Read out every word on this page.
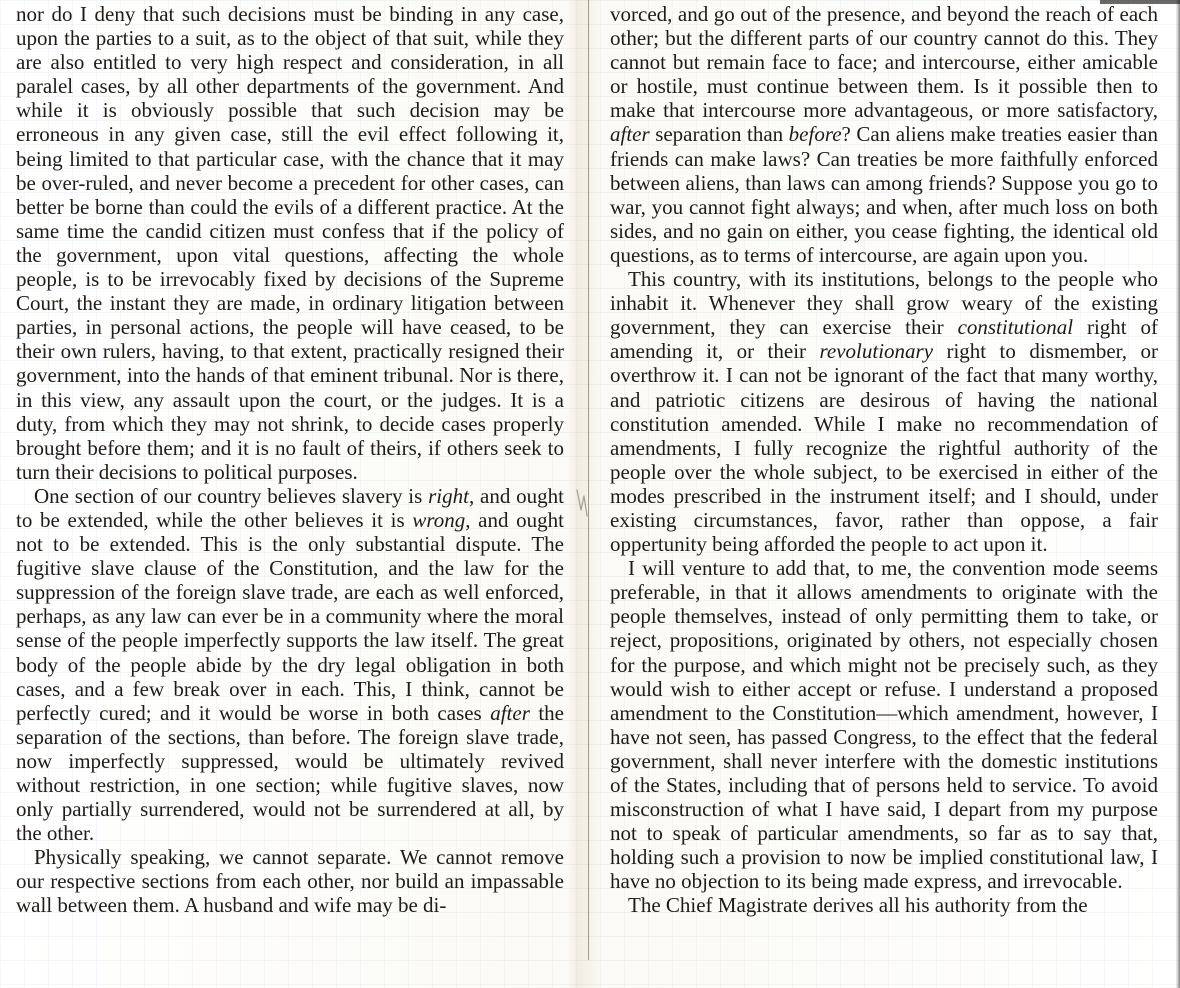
nor do I deny that such decisions must be binding in any case, upon the parties to a suit, as to the object of that suit, while they are also entitled to very high respect and consideration, in all paralel cases, by all other departments of the government. And while it is obviously possible that such decision may be erroneous in any given case, still the evil effect following it, being limited to that particular case, with the chance that it may be over-ruled, and never become a precedent for other cases, can better be borne than could the evils of a different practice. At the same time the candid citizen must confess that if the policy of the government, upon vital questions, affecting the whole people, is to be irrevocably fixed by decisions of the Supreme Court, the instant they are made, in ordinary litigation between parties, in personal actions, the people will have ceased, to be their own rulers, having, to that extent, practically resigned their government, into the hands of that eminent tribunal. Nor is there, in this view, any assault upon the court, or the judges. It is a duty, from which they may not shrink, to decide cases properly brought before them; and it is no fault of theirs, if others seek to turn their decisions to political purposes.

One section of our country believes slavery is right, and ought to be extended, while the other believes it is wrong, and ought not to be extended. This is the only substantial dispute. The fugitive slave clause of the Constitution, and the law for the suppression of the foreign slave trade, are each as well enforced, perhaps, as any law can ever be in a community where the moral sense of the people imperfectly supports the law itself. The great body of the people abide by the dry legal obligation in both cases, and a few break over in each. This, I think, cannot be perfectly cured; and it would be worse in both cases after the separation of the sections, than before. The foreign slave trade, now imperfectly suppressed, would be ultimately revived without restriction, in one section; while fugitive slaves, now only partially surrendered, would not be surrendered at all, by the other.

Physically speaking, we cannot separate. We cannot remove our respective sections from each other, nor build an impassable wall between them. A husband and wife may be di-

vorced, and go out of the presence, and beyond the reach of each other; but the different parts of our country cannot do this. They cannot but remain face to face; and intercourse, either amicable or hostile, must continue between them. Is it possible then to make that intercourse more advantageous, or more satisfactory, after separation than before? Can aliens make treaties easier than friends can make laws? Can treaties be more faithfully enforced between aliens, than laws can among friends? Suppose you go to war, you cannot fight always; and when, after much loss on both sides, and no gain on either, you cease fighting, the identical old questions, as to terms of intercourse, are again upon you.

This country, with its institutions, belongs to the people who inhabit it. Whenever they shall grow weary of the existing government, they can exercise their constitutional right of amending it, or their revolutionary right to dismember, or overthrow it. I can not be ignorant of the fact that many worthy, and patriotic citizens are desirous of having the national constitution amended. While I make no recommendation of amendments, I fully recognize the rightful authority of the people over the whole subject, to be exercised in either of the modes prescribed in the instrument itself; and I should, under existing circumstances, favor, rather than oppose, a fair oppertunity being afforded the people to act upon it.

I will venture to add that, to me, the convention mode seems preferable, in that it allows amendments to originate with the people themselves, instead of only permitting them to take, or reject, propositions, originated by others, not especially chosen for the purpose, and which might not be precisely such, as they would wish to either accept or refuse. I understand a proposed amendment to the Constitution—which amendment, however, I have not seen, has passed Congress, to the effect that the federal government, shall never interfere with the domestic institutions of the States, including that of persons held to service. To avoid misconstruction of what I have said, I depart from my purpose not to speak of particular amendments, so far as to say that, holding such a provision to now be implied constitutional law, I have no objection to its being made express, and irrevocable.

The Chief Magistrate derives all his authority from the
